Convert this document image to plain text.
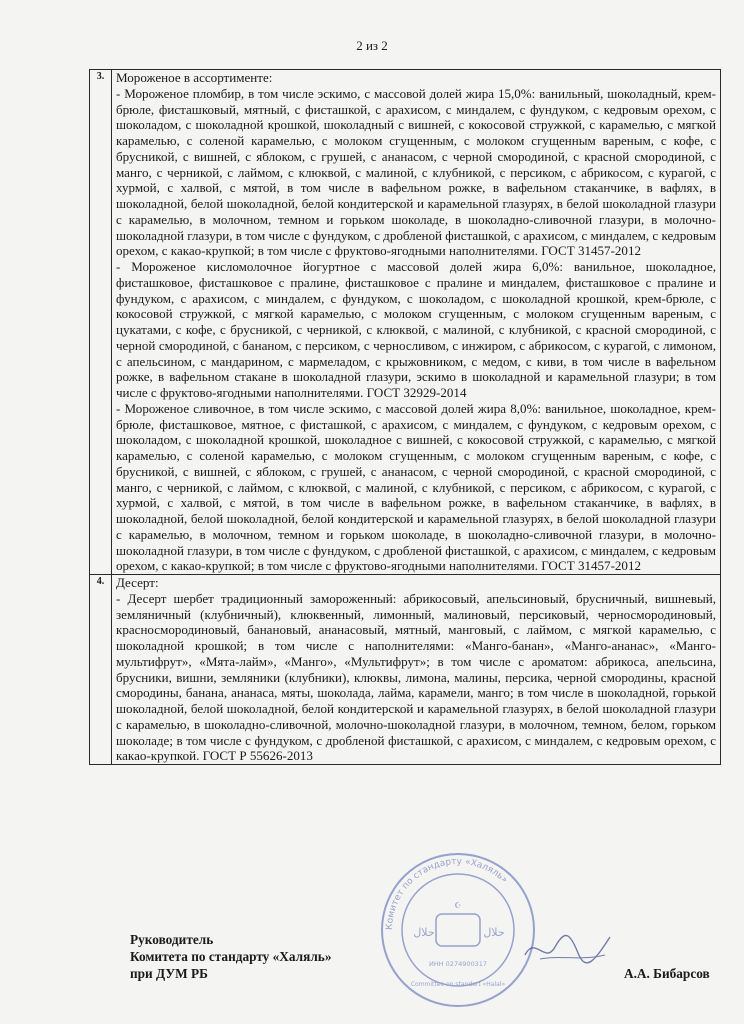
2 из 2
3.	Мороженое в ассортименте:
- Мороженое пломбир, в том числе эскимо, с массовой долей жира 15,0%: ванильный, шоколадный, крем-брюле, фисташковый, мятный, с фисташкой, с арахисом, с миндалем, с фундуком, с кедровым орехом, с шоколадом, с шоколадной крошкой, шоколадный с вишней, с кокосовой стружкой, с карамелью, с мягкой карамелью, с соленой карамелью, с молоком сгущенным, с молоком сгущенным вареным, с кофе, с брусникой, с вишней, с яблоком, с грушей, с ананасом, с черной смородиной, с красной смородиной, с манго, с черникой, с лаймом, с клюквой, с малиной, с клубникой, с персиком, с абрикосом, с курагой, с хурмой, с халвой, с мятой, в том числе в вафельном рожке, в вафельном стаканчике, в вафлях, в шоколадной, белой шоколадной, белой кондитерской и карамельной глазурях, в белой шоколадной глазури с карамелью, в молочном, темном и горьком шоколаде, в шоколадно-сливочной глазури, в молочно-шоколадной глазури, в том числе с фундуком, с дробленой фисташкой, с арахисом, с миндалем, с кедровым орехом, с какао-крупкой; в том числе с фруктово-ягодными наполнителями. ГОСТ 31457-2012
- Мороженое кисломолочное йогуртное с массовой долей жира 6,0%: ванильное, шоколадное, фисташковое, фисташковое с пралине, фисташковое с пралине и миндалем, фисташковое с пралине и фундуком, с арахисом, с миндалем, с фундуком, с шоколадом, с шоколадной крошкой, крем-брюле, с кокосовой стружкой, с мягкой карамелью, с молоком сгущенным, с молоком сгущенным вареным, с цукатами, с кофе, с брусникой, с черникой, с клюквой, с малиной, с клубникой, с красной смородиной, с черной смородиной, с бананом, с персиком, с черносливом, с инжиром, с абрикосом, с курагой, с лимоном, с апельсином, с мандарином, с мармеладом, с крыжовником, с медом, с киви, в том числе в вафельном рожке, в вафельном стакане в шоколадной глазури, эскимо в шоколадной и карамельной глазури; в том числе с фруктово-ягодными наполнителями. ГОСТ 32929-2014
- Мороженое сливочное, в том числе эскимо, с массовой долей жира 8,0%: ванильное, шоколадное, крем-брюле, фисташковое, мятное, с фисташкой, с арахисом, с миндалем, с фундуком, с кедровым орехом, с шоколадом, с шоколадной крошкой, шоколадное с вишней, с кокосовой стружкой, с карамелью, с мягкой карамелью, с соленой карамелью, с молоком сгущенным, с молоком сгущенным вареным, с кофе, с брусникой, с вишней, с яблоком, с грушей, с ананасом, с черной смородиной, с красной смородиной, с манго, с черникой, с лаймом, с клюквой, с малиной, с клубникой, с персиком, с абрикосом, с курагой, с хурмой, с халвой, с мятой, в том числе в вафельном рожке, в вафельном стаканчике, в вафлях, в шоколадной, белой шоколадной, белой кондитерской и карамельной глазурях, в белой шоколадной глазури с карамелью, в молочном, темном и горьком шоколаде, в шоколадно-сливочной глазури, в молочно-шоколадной глазури, в том числе с фундуком, с дробленой фисташкой, с арахисом, с миндалем, с кедровым орехом, с какао-крупкой; в том числе с фруктово-ягодными наполнителями. ГОСТ 31457-2012

4.	Десерт:
- Десерт шербет традиционный замороженный: абрикосовый, апельсиновый, брусничный, вишневый, земляничный (клубничный), клюквенный, лимонный, малиновый, персиковый, черносмородиновый, красносмородиновый, банановый, ананасовый, мятный, манговый, с лаймом, с мягкой карамелью, с шоколадной крошкой; в том числе с наполнителями: «Манго-банан», «Манго-ананас», «Манго-мультифрут», «Мята-лайм», «Манго», «Мультифрут»; в том числе с ароматом: абрикоса, апельсина, брусники, вишни, земляники (клубники), клюквы, лимона, малины, персика, черной смородины, красной смородины, банана, ананаса, мяты, шоколада, лайма, карамели, манго; в том числе в шоколадной, горькой шоколадной, белой шоколадной, белой кондитерской и карамельной глазурях, в белой шоколадной глазури с карамелью, в шоколадно-сливочной, молочно-шоколадной глазури, в молочном, темном, белом, горьком шоколаде; в том числе с фундуком, с дробленой фисташкой, с арахисом, с миндалем, с кедровым орехом, с какао-крупкой. ГОСТ Р 55626-2013
Комитет по стандарту «Халяль»
☪
حلال	حلال
ИНН 0274900317
Committee on standart «Halal»
Руководитель
Комитета по стандарту «Халяль»
при ДУМ РБ	А.А. Бибарсов
